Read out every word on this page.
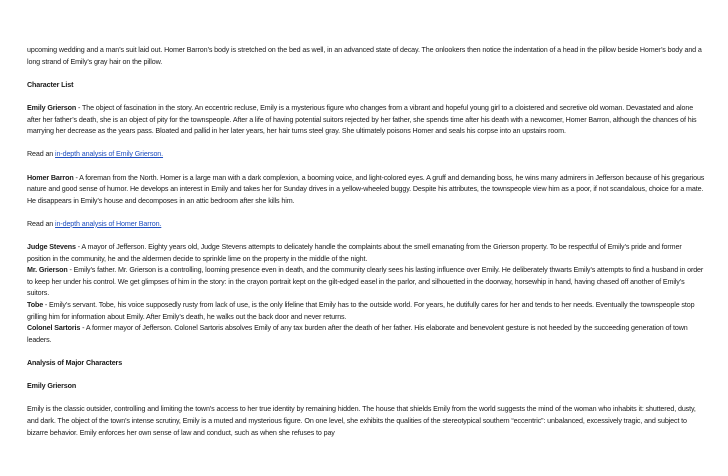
upcoming wedding and a man’s suit laid out. Homer Barron’s body is stretched on the bed as well, in an advanced state of decay. The onlookers then notice the indentation of a head in the pillow beside Homer’s body and a long strand of Emily’s gray hair on the pillow.

Character List

Emily Grierson - The object of fascination in the story. An eccentric recluse, Emily is a mysterious figure who changes from a vibrant and hopeful young girl to a cloistered and secretive old woman. Devastated and alone after her father’s death, she is an object of pity for the townspeople. After a life of having potential suitors rejected by her father, she spends time after his death with a newcomer, Homer Barron, although the chances of his marrying her decrease as the years pass. Bloated and pallid in her later years, her hair turns steel gray. She ultimately poisons Homer and seals his corpse into an upstairs room.

Read an in-depth analysis of Emily Grierson.

Homer Barron - A foreman from the North. Homer is a large man with a dark complexion, a booming voice, and light-colored eyes. A gruff and demanding boss, he wins many admirers in Jefferson because of his gregarious nature and good sense of humor. He develops an interest in Emily and takes her for Sunday drives in a yellow-wheeled buggy. Despite his attributes, the townspeople view him as a poor, if not scandalous, choice for a mate. He disappears in Emily’s house and decomposes in an attic bedroom after she kills him.

Read an in-depth analysis of Homer Barron.

Judge Stevens - A mayor of Jefferson. Eighty years old, Judge Stevens attempts to delicately handle the complaints about the smell emanating from the Grierson property. To be respectful of Emily’s pride and former position in the community, he and the aldermen decide to sprinkle lime on the property in the middle of the night.

Mr. Grierson - Emily’s father. Mr. Grierson is a controlling, looming presence even in death, and the community clearly sees his lasting influence over Emily. He deliberately thwarts Emily’s attempts to find a husband in order to keep her under his control. We get glimpses of him in the story: in the crayon portrait kept on the gilt-edged easel in the parlor, and silhouetted in the doorway, horsewhip in hand, having chased off another of Emily’s suitors.

Tobe - Emily’s servant. Tobe, his voice supposedly rusty from lack of use, is the only lifeline that Emily has to the outside world. For years, he dutifully cares for her and tends to her needs. Eventually the townspeople stop grilling him for information about Emily. After Emily’s death, he walks out the back door and never returns.

Colonel Sartoris - A former mayor of Jefferson. Colonel Sartoris absolves Emily of any tax burden after the death of her father. His elaborate and benevolent gesture is not heeded by the succeeding generation of town leaders.

Analysis of Major Characters

Emily Grierson

Emily is the classic outsider, controlling and limiting the town’s access to her true identity by remaining hidden. The house that shields Emily from the world suggests the mind of the woman who inhabits it: shuttered, dusty, and dark. The object of the town’s intense scrutiny, Emily is a muted and mysterious figure. On one level, she exhibits the qualities of the stereotypical southern “eccentric”: unbalanced, excessively tragic, and subject to bizarre behavior. Emily enforces her own sense of law and conduct, such as when she refuses to pay
